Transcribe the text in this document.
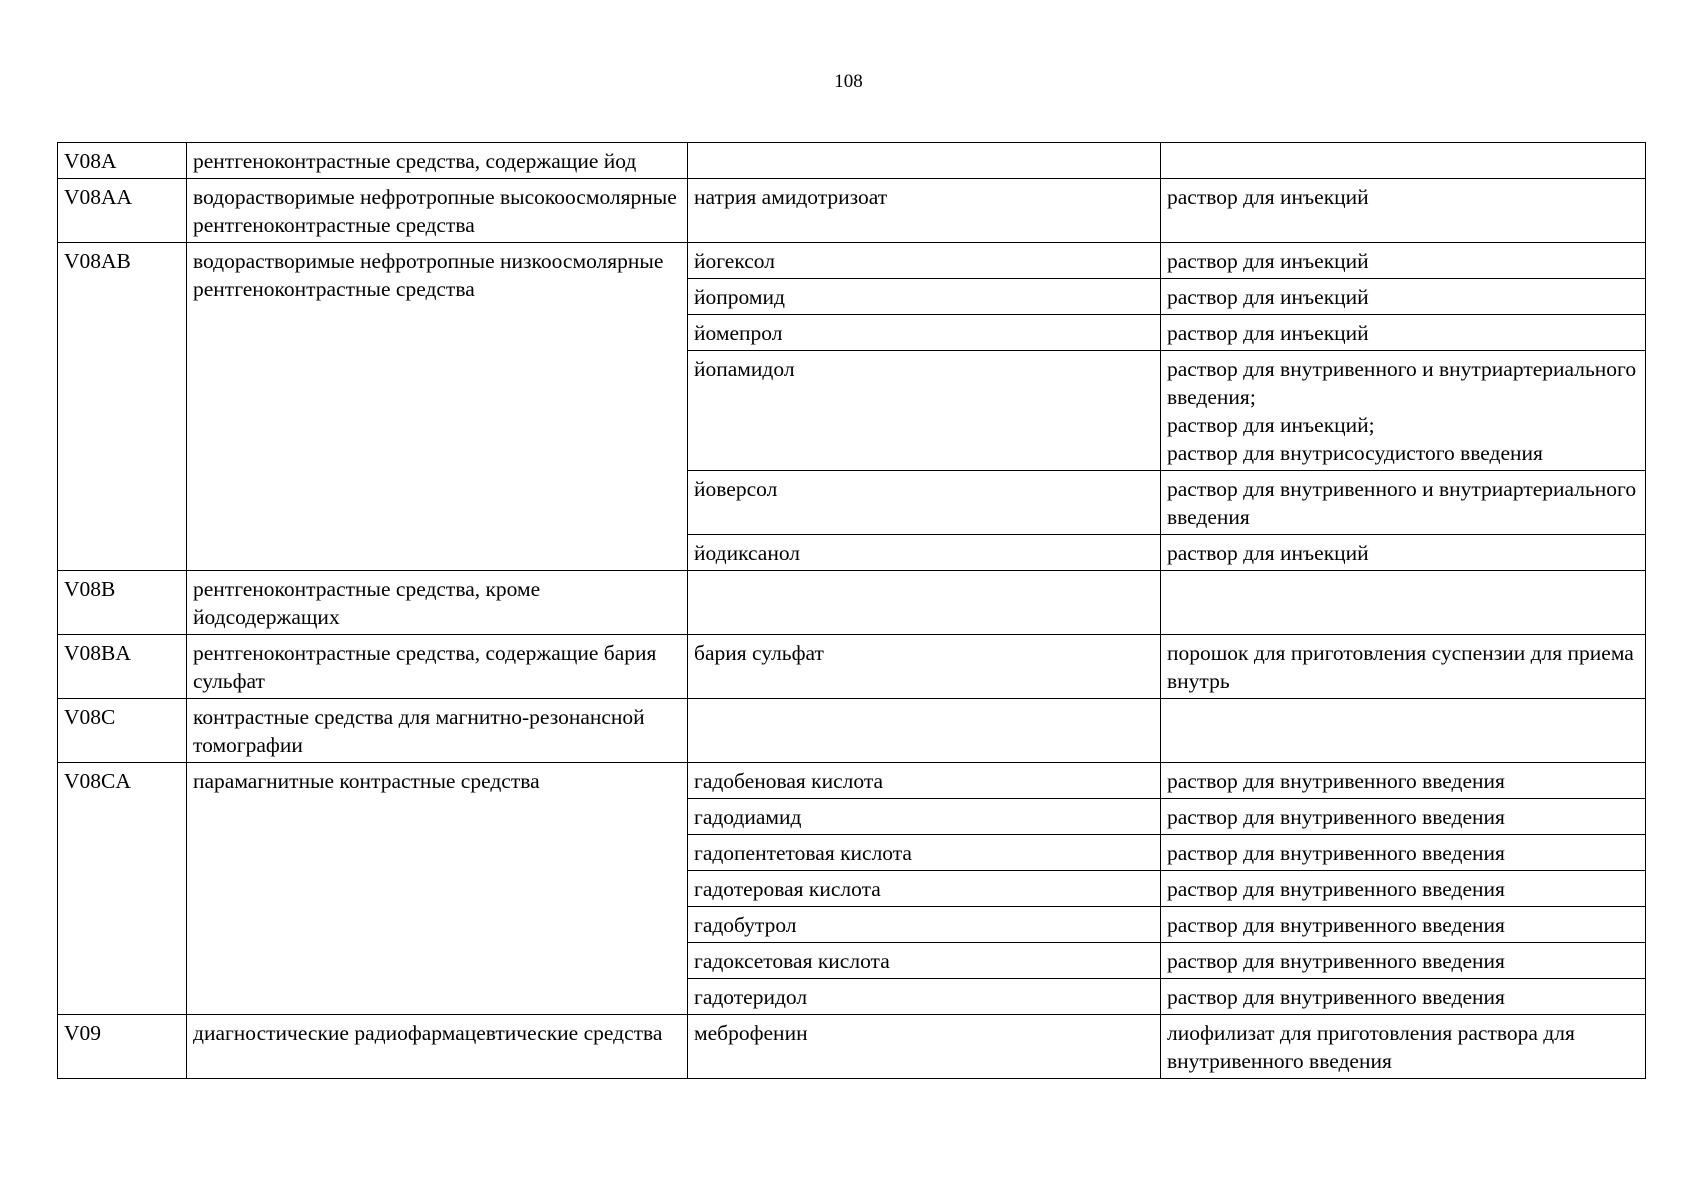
108
V08A	рентгеноконтрастные средства, содержащие йод		
V08AA	водорастворимые нефротропные высокоосмолярные рентгеноконтрастные средства	натрия амидотризоат	раствор для инъекций
V08AB	водорастворимые нефротропные низкоосмолярные рентгеноконтрастные средства	йогексол	раствор для инъекций
		йопромид	раствор для инъекций
		йомепрол	раствор для инъекций
		йопамидол	раствор для внутривенного и внутриартериального введения;
раствор для инъекций;
раствор для внутрисосудистого введения
		йоверсол	раствор для внутривенного и внутриартериального введения
		йодиксанол	раствор для инъекций
V08B	рентгеноконтрастные средства, кроме йодсодержащих		
V08BA	рентгеноконтрастные средства, содержащие бария сульфат	бария сульфат	порошок для приготовления суспензии для приема внутрь
V08C	контрастные средства для магнитно-резонансной томографии		
V08CA	парамагнитные контрастные средства	гадобеновая кислота	раствор для внутривенного введения
		гадодиамид	раствор для внутривенного введения
		гадопентетовая кислота	раствор для внутривенного введения
		гадотеровая кислота	раствор для внутривенного введения
		гадобутрол	раствор для внутривенного введения
		гадоксетовая кислота	раствор для внутривенного введения
		гадотеридол	раствор для внутривенного введения
V09	диагностические радиофармацевтические средства	меброфенин	лиофилизат для приготовления раствора для внутривенного введения
